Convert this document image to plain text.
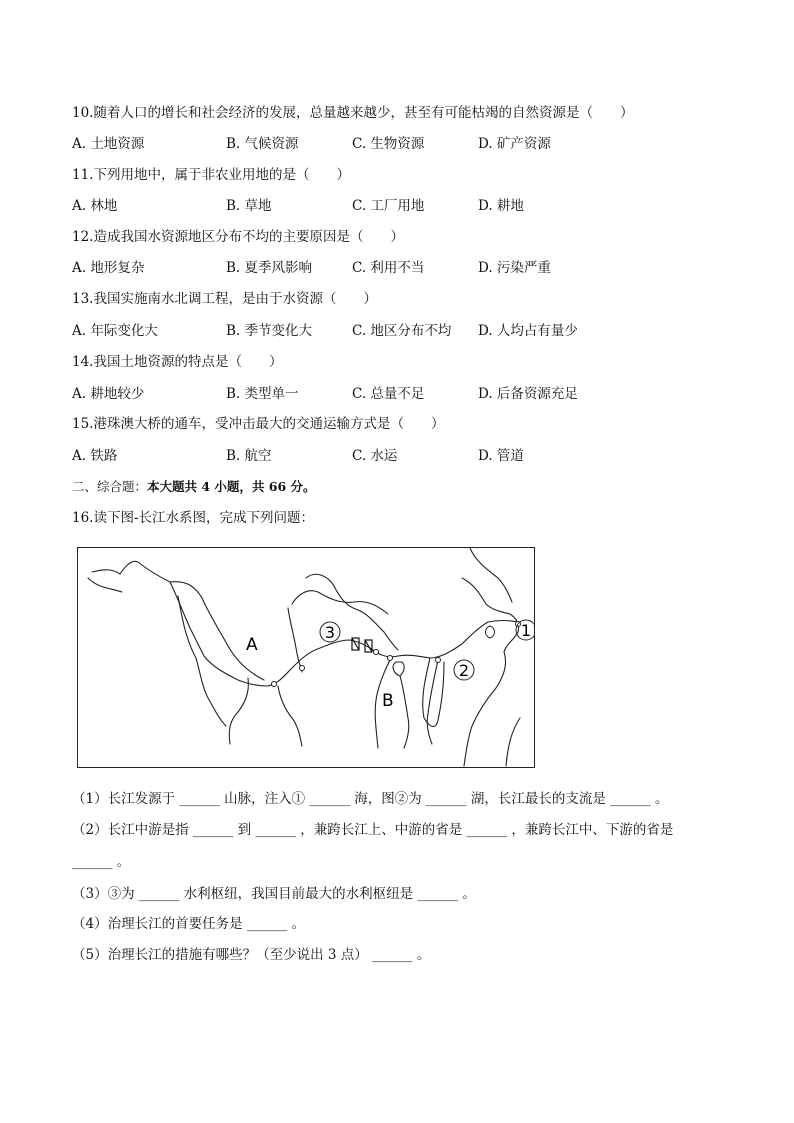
10.随着人口的增长和社会经济的发展，总量越来越少，甚至有可能枯竭的自然资源是（　　）
A. 土地资源	B. 气候资源	C. 生物资源	D. 矿产资源
11.下列用地中，属于非农业用地的是（　　）
A. 林地	B. 草地	C. 工厂用地	D. 耕地
12.造成我国水资源地区分布不均的主要原因是（　　）
A. 地形复杂	B. 夏季风影响	C. 利用不当	D. 污染严重
13.我国实施南水北调工程，是由于水资源（　　）
A. 年际变化大	B. 季节变化大	C. 地区分布不均 D. 人均占有量少
14.我国土地资源的特点是（　　）
A. 耕地较少	B. 类型单一	C. 总量不足	D. 后备资源充足
15.港珠澳大桥的通车，受冲击最大的交通运输方式是（　　）
A. 铁路	B. 航空	C. 水运	D. 管道
二、综合题：本大题共 4 小题，共 66 分。
16.读下图-长江水系图，完成下列问题：
3
2
1
A
B
（1）长江发源于 ______ 山脉，注入① ______ 海，图②为 ______ 湖，长江最长的支流是 ______ 。
（2）长江中游是指 ______ 到 ______ ，兼跨长江上、中游的省是 ______ ，兼跨长江中、下游的省是
______ 。
（3）③为 ______ 水利枢纽，我国目前最大的水利枢纽是 ______ 。
（4）治理长江的首要任务是 ______ 。
（5）治理长江的措施有哪些？（至少说出 3 点） ______ 。
